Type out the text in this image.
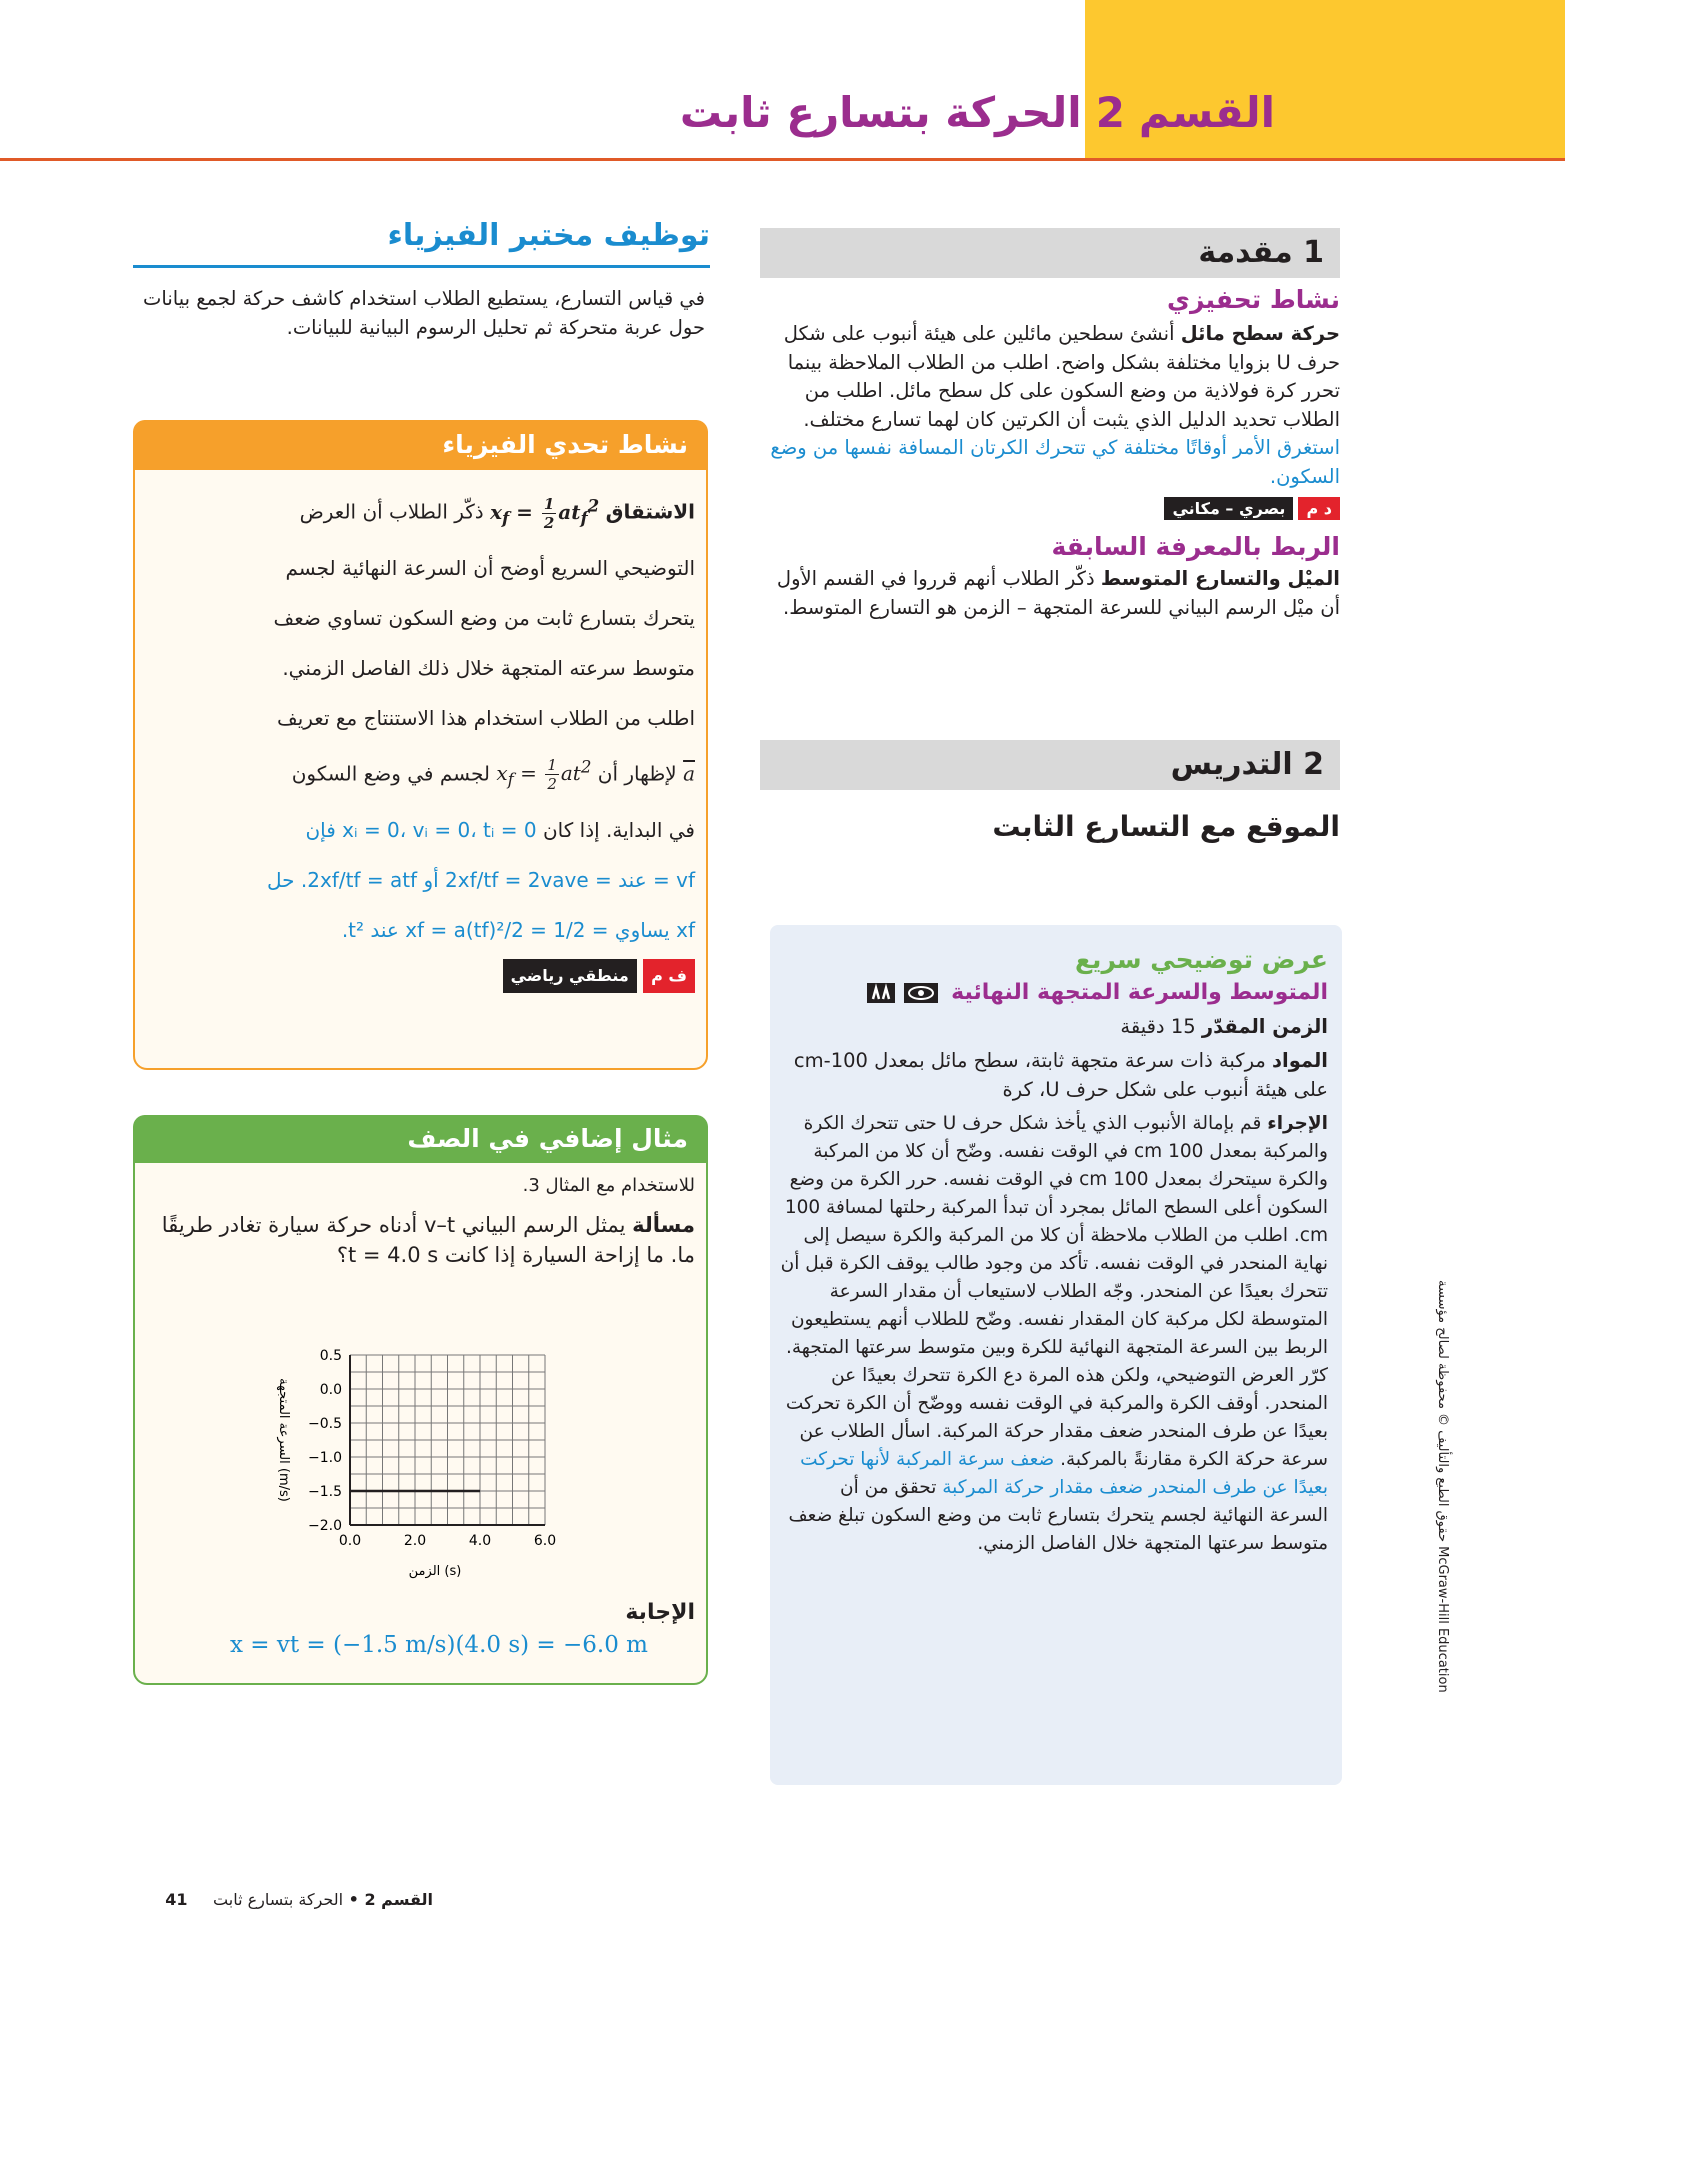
القسم2الحركة بتسارع ثابت
1 مقدمة
نشاط تحفيزي
حركة سطح مائل أنشئ سطحين مائلين على هيئة أنبوب على شكل حرف U بزوايا مختلفة بشكل واضح. اطلب من الطلاب الملاحظة بينما تحرر كرة فولاذية من وضع السكون على كل سطح مائل. اطلب من الطلاب تحديد الدليل الذي يثبت أن الكرتين كان لهما تسارع مختلف. استغرق الأمر أوقاتًا مختلفة كي تتحرك الكرتان المسافة نفسها من وضع السكون.
د م بصري – مكاني
الربط بالمعرفة السابقة
الميْل والتسارع المتوسط ذكّر الطلاب أنهم قرروا في القسم الأول أن ميْل الرسم البياني للسرعة المتجهة – الزمن هو التسارع المتوسط.
2 التدريس
الموقع مع التسارع الثابت
عرض توضيحي سريع
المتوسط والسرعة المتجهة النهائية
الزمن المقدّر 15 دقيقة
المواد مركبة ذات سرعة متجهة ثابتة، سطح مائل بمعدل 100-cm على هيئة أنبوب على شكل حرف U، كرة
الإجراء قم بإمالة الأنبوب الذي يأخذ شكل حرف U حتى تتحرك الكرة والمركبة بمعدل 100 cm في الوقت نفسه. وضّح أن كلا من المركبة والكرة سيتحرك بمعدل 100 cm في الوقت نفسه. حرر الكرة من وضع السكون أعلى السطح المائل بمجرد أن تبدأ المركبة رحلتها لمسافة 100 cm. اطلب من الطلاب ملاحظة أن كلا من المركبة والكرة سيصل إلى نهاية المنحدر في الوقت نفسه. تأكد من وجود طالب يوقف الكرة قبل أن تتحرك بعيدًا عن المنحدر. وجّه الطلاب لاستيعاب أن مقدار السرعة المتوسطة لكل مركبة كان المقدار نفسه. وضّح للطلاب أنهم يستطيعون الربط بين السرعة المتجهة النهائية للكرة وبين متوسط سرعتها المتجهة. كرّر العرض التوضيحي، ولكن هذه المرة دع الكرة تتحرك بعيدًا عن المنحدر. أوقف الكرة والمركبة في الوقت نفسه ووضّح أن الكرة تحركت بعيدًا عن طرف المنحدر ضعف مقدار حركة المركبة. اسأل الطلاب عن سرعة حركة الكرة مقارنةً بالمركبة. ضعف سرعة المركبة لأنها تحركت بعيدًا عن طرف المنحدر ضعف مقدار حركة المركبة تحقق من أن السرعة النهائية لجسم يتحرك بتسارع ثابت من وضع السكون تبلغ ضعف متوسط سرعتها المتجهة خلال الفاصل الزمني.
توظيف مختبر الفيزياء
في قياس التسارع، يستطيع الطلاب استخدام كاشف حركة لجمع بيانات حول عربة متحركة ثم تحليل الرسوم البيانية للبيانات.
نشاط تحدي الفيزياء
الاشتقاق $x_f = \frac{1}{2} at_f^2$ ذكّر الطلاب أن العرض
التوضيحي السريع أوضح أن السرعة النهائية لجسم
يتحرك بتسارع ثابت من وضع السكون تساوي ضعف
متوسط سرعته المتجهة خلال ذلك الفاصل الزمني.
اطلب من الطلاب استخدام هذا الاستنتاج مع تعريف
a لإظهار أن $x_f = \frac{1}{2} at^2$ لجسم في وضع السكون
في البداية. إذا كان xᵢ = 0، vᵢ = 0، tᵢ = 0 فإن
vf = عند = 2xf/tf = 2vave أو 2xf/tf = atf. حل
xf يساوي = xf = a(tf)²/2 = 1/2 عند t².
ف م منطقي رياضي
مثال إضافي في الصف
للاستخدام مع المثال 3.
مسألة يمثل الرسم البياني v–t أدناه حركة سيارة تغادر طريقًا ما. ما إزاحة السيارة إذا كانت t = 4.0 s؟
0.5
0.0
−0.5
−1.0
−1.5
−2.0
0.0	2.0	4.0	6.0
الزمن (s)
السرعة المتجهة (m/s)
الإجابة
x = vt = (−1.5 m/s)(4.0 s) = −6.0 m
القسم 2 • الحركة بتسارع ثابت 41
حقوق الطبع والتأليف © محفوظة لصالح مؤسسة McGraw-Hill Education
